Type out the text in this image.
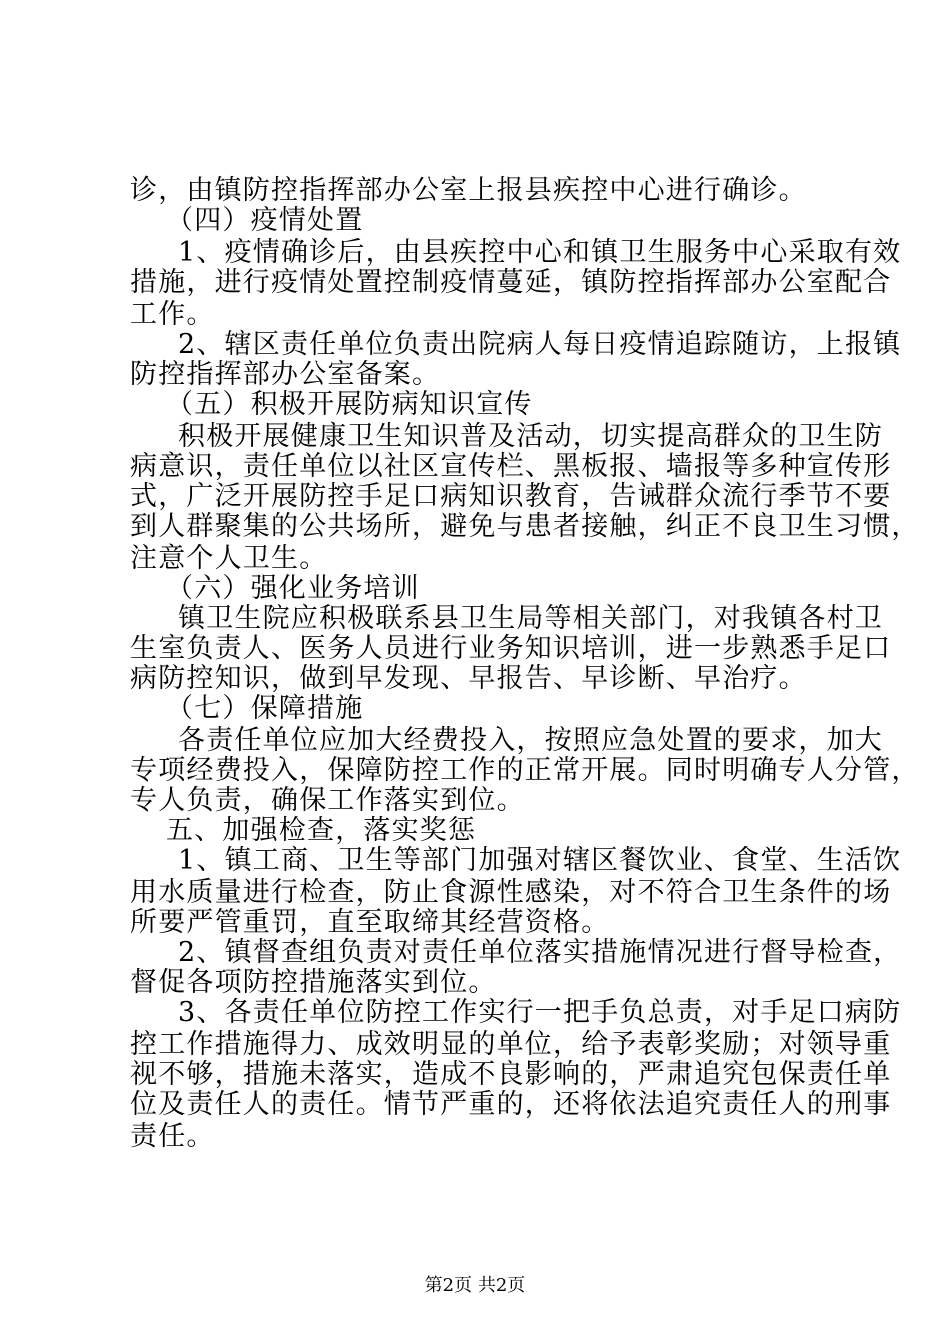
诊，由镇防控指挥部办公室上报县疾控中心进行确诊。
（四）疫情处置
1、疫情确诊后，由县疾控中心和镇卫生服务中心采取有效
措施，进行疫情处置控制疫情蔓延，镇防控指挥部办公室配合
工作。
2、辖区责任单位负责出院病人每日疫情追踪随访，上报镇
防控指挥部办公室备案。
（五）积极开展防病知识宣传
积极开展健康卫生知识普及活动，切实提高群众的卫生防
病意识，责任单位以社区宣传栏、黑板报、墙报等多种宣传形
式，广泛开展防控手足口病知识教育，告诫群众流行季节不要
到人群聚集的公共场所，避免与患者接触，纠正不良卫生习惯，
注意个人卫生。
（六）强化业务培训
镇卫生院应积极联系县卫生局等相关部门，对我镇各村卫
生室负责人、医务人员进行业务知识培训，进一步熟悉手足口
病防控知识，做到早发现、早报告、早诊断、早治疗。
（七）保障措施
各责任单位应加大经费投入，按照应急处置的要求，加大
专项经费投入，保障防控工作的正常开展。同时明确专人分管，
专人负责，确保工作落实到位。
五、加强检查，落实奖惩
1、镇工商、卫生等部门加强对辖区餐饮业、食堂、生活饮
用水质量进行检查，防止食源性感染，对不符合卫生条件的场
所要严管重罚，直至取缔其经营资格。
2、镇督查组负责对责任单位落实措施情况进行督导检查，
督促各项防控措施落实到位。
3、各责任单位防控工作实行一把手负总责，对手足口病防
控工作措施得力、成效明显的单位，给予表彰奖励；对领导重
视不够，措施未落实，造成不良影响的，严肃追究包保责任单
位及责任人的责任。情节严重的，还将依法追究责任人的刑事
责任。
第2页 共2页
